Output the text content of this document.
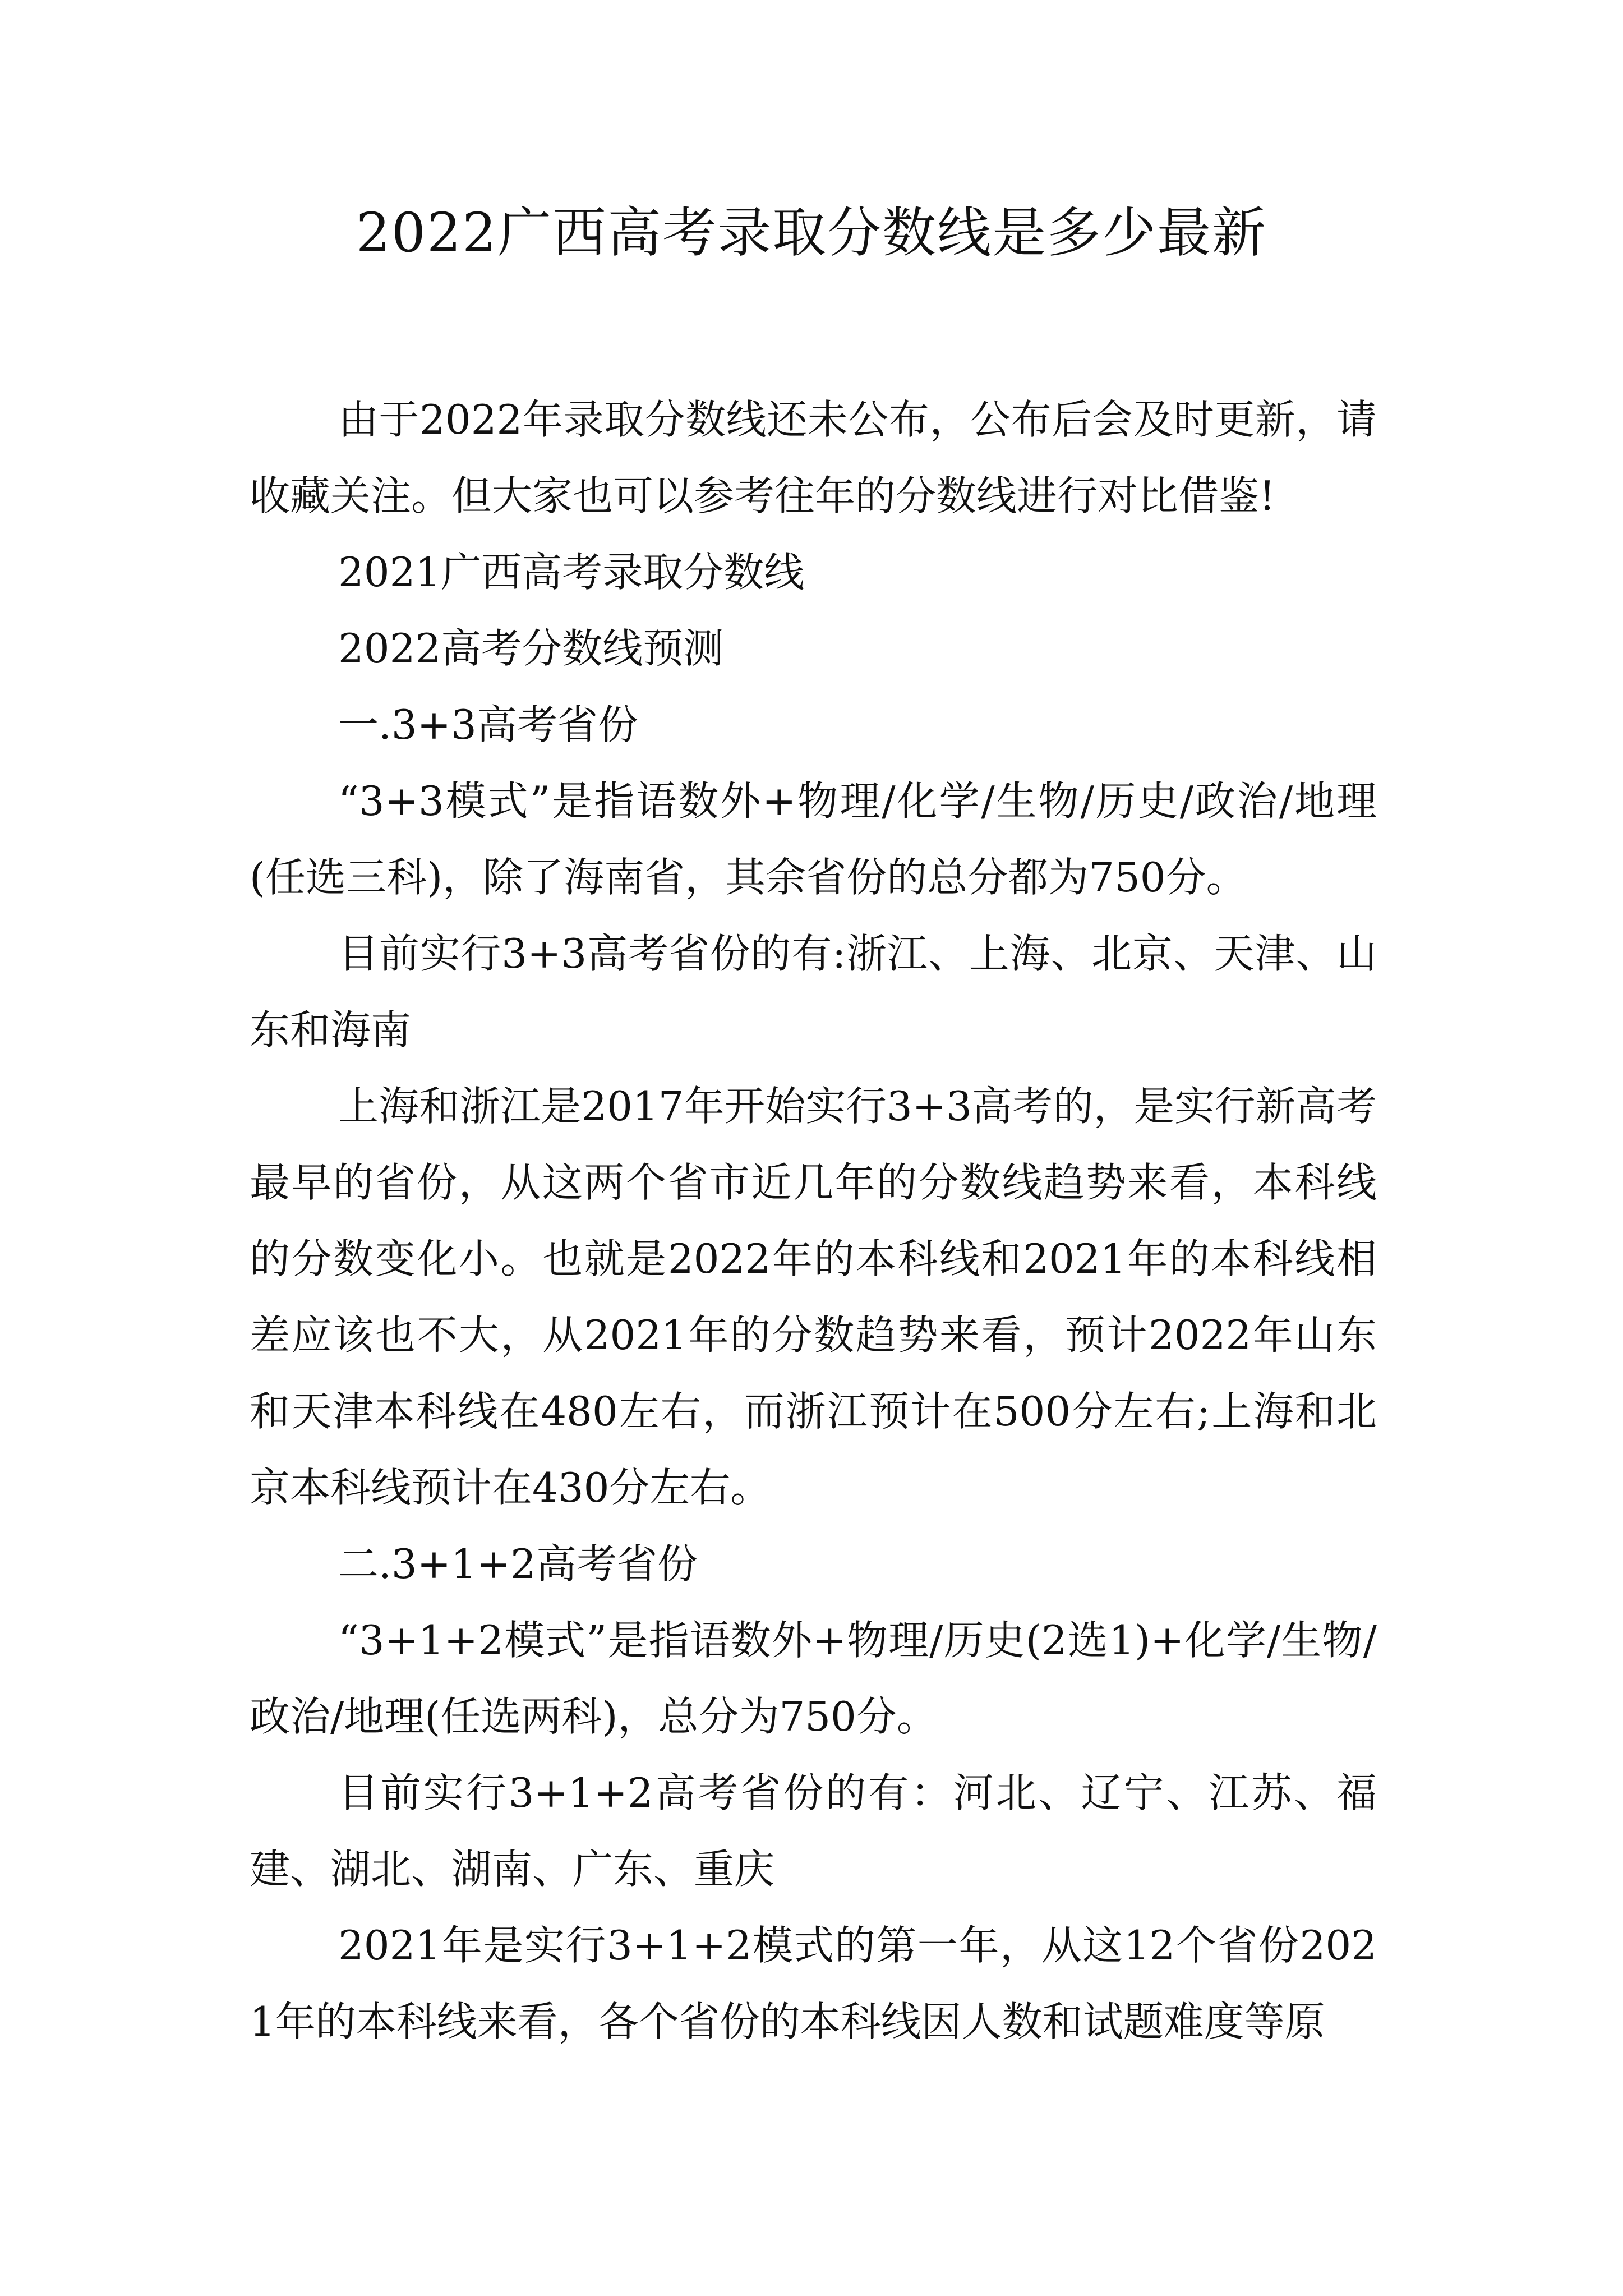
2022广西高考录取分数线是多少最新

由于2022年录取分数线还未公布，公布后会及时更新，请收藏关注。但大家也可以参考往年的分数线进行对比借鉴!

2021广西高考录取分数线

2022高考分数线预测

一.3+3高考省份

“3+3模式”是指语数外+物理/化学/生物/历史/政治/地理(任选三科)，除了海南省，其余省份的总分都为750分。

目前实行3+3高考省份的有:浙江、上海、北京、天津、山东和海南

上海和浙江是2017年开始实行3+3高考的，是实行新高考最早的省份，从这两个省市近几年的分数线趋势来看，本科线的分数变化小。也就是2022年的本科线和2021年的本科线相差应该也不大，从2021年的分数趋势来看，预计2022年山东和天津本科线在480左右，而浙江预计在500分左右;上海和北京本科线预计在430分左右。

二.3+1+2高考省份

“3+1+2模式”是指语数外+物理/历史(2选1)+化学/生物/政治/地理(任选两科)，总分为750分。

目前实行3+1+2高考省份的有：河北、辽宁、江苏、福建、湖北、湖南、广东、重庆

2021年是实行3+1+2模式的第一年，从这12个省份2021年的本科线来看，各个省份的本科线因人数和试题难度等原
